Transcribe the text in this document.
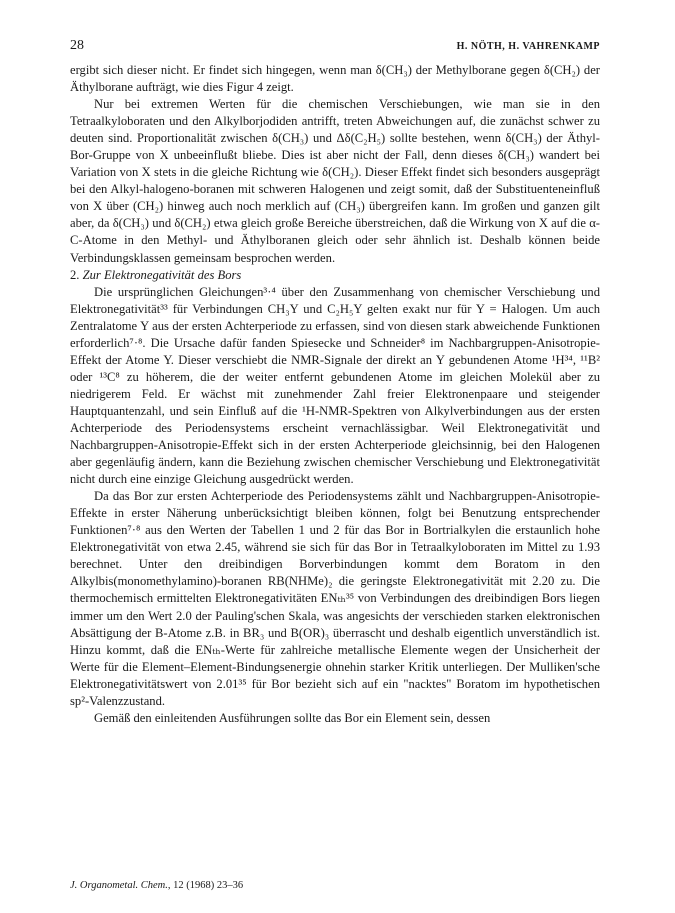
28	H. NÖTH, H. VAHRENKAMP

ergibt sich dieser nicht. Er findet sich hingegen, wenn man δ(CH₃) der Methylborane gegen δ(CH₂) der Äthylborane aufträgt, wie dies Figur 4 zeigt.

Nur bei extremen Werten für die chemischen Verschiebungen, wie man sie in den Tetraalkyloboraten und den Alkylborjodiden antrifft, treten Abweichungen auf, die zunächst schwer zu deuten sind. Proportionalität zwischen δ(CH₃) und Δδ(C₂H₅) sollte bestehen, wenn δ(CH₃) der Äthyl-Bor-Gruppe von X unbeeinflußt bliebe. Dies ist aber nicht der Fall, denn dieses δ(CH₃) wandert bei Variation von X stets in die gleiche Richtung wie δ(CH₂). Dieser Effekt findet sich besonders ausgeprägt bei den Alkyl-halogeno-boranen mit schweren Halogenen und zeigt somit, daß der Substituenteneinfluß von X über (CH₂) hinweg auch noch merklich auf (CH₃) übergreifen kann. Im großen und ganzen gilt aber, da δ(CH₃) und δ(CH₂) etwa gleich große Bereiche überstreichen, daß die Wirkung von X auf die α-C-Atome in den Methyl- und Äthylboranen gleich oder sehr ähnlich ist. Deshalb können beide Verbindungsklassen gemeinsam besprochen werden.

2. Zur Elektronegativität des Bors

Die ursprünglichen Gleichungen³·⁴ über den Zusammenhang von chemischer Verschiebung und Elektronegativität³³ für Verbindungen CH₃Y und C₂H₅Y gelten exakt nur für Y = Halogen. Um auch Zentralatome Y aus der ersten Achterperiode zu erfassen, sind von diesen stark abweichende Funktionen erforderlich⁷·⁸. Die Ursache dafür fanden Spiesecke und Schneider⁸ im Nachbargruppen-Anisotropie-Effekt der Atome Y. Dieser verschiebt die NMR-Signale der direkt an Y gebundenen Atome ¹H³⁴, ¹¹B² oder ¹³C⁸ zu höherem, die der weiter entfernt gebundenen Atome im gleichen Molekül aber zu niedrigerem Feld. Er wächst mit zunehmender Zahl freier Elektronenpaare und steigender Hauptquantenzahl, und sein Einfluß auf die ¹H-NMR-Spektren von Alkylverbindungen aus der ersten Achterperiode des Periodensystems erscheint vernachlässigbar. Weil Elektronegativität und Nachbargruppen-Anisotropie-Effekt sich in der ersten Achterperiode gleichsinnig, bei den Halogenen aber gegenläufig ändern, kann die Beziehung zwischen chemischer Verschiebung und Elektronegativität nicht durch eine einzige Gleichung ausgedrückt werden.

Da das Bor zur ersten Achterperiode des Periodensystems zählt und Nachbargruppen-Anisotropie-Effekte in erster Näherung unberücksichtigt bleiben können, folgt bei Benutzung entsprechender Funktionen⁷·⁸ aus den Werten der Tabellen 1 und 2 für das Bor in Bortrialkylen die erstaunlich hohe Elektronegativität von etwa 2.45, während sie sich für das Bor in Tetraalkyloboraten im Mittel zu 1.93 berechnet. Unter den dreibindigen Borverbindungen kommt dem Boratom in den Alkylbis(monomethylamino)-boranen RB(NHMe)₂ die geringste Elektronegativität mit 2.20 zu. Die thermochemisch ermittelten Elektronegativitäten ENₜₕ³⁵ von Verbindungen des dreibindigen Bors liegen immer um den Wert 2.0 der Pauling'schen Skala, was angesichts der verschieden starken elektronischen Absättigung der B-Atome z.B. in BR₃ und B(OR)₃ überrascht und deshalb eigentlich unverständlich ist. Hinzu kommt, daß die ENₜₕ-Werte für zahlreiche metallische Elemente wegen der Unsicherheit der Werte für die Element–Element-Bindungsenergie ohnehin starker Kritik unterliegen. Der Mulliken'sche Elektronegativitätswert von 2.01³⁵ für Bor bezieht sich auf ein "nacktes" Boratom im hypothetischen sp²-Valenzzustand.

Gemäß den einleitenden Ausführungen sollte das Bor ein Element sein, dessen

J. Organometal. Chem., 12 (1968) 23–36
